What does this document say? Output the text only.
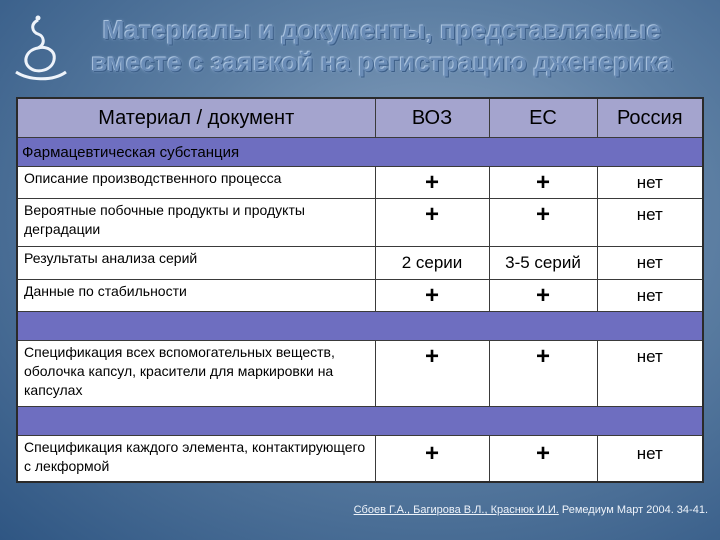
Материалы и документы, представляемые вместе с заявкой на регистрацию дженерика
Материал / документ	ВОЗ	ЕС	Россия
Фармацевтическая субстанция			
Описание производственного процесса	+	+	нет
Вероятные побочные продукты и продукты деградации	+	+	нет
Результаты анализа серий	2 серии	3-5 серий	нет
Данные по стабильности	+	+	нет

Спецификация всех вспомогательных веществ, оболочка капсул, красители для маркировки на капсулах	+	+	нет

Спецификация каждого элемента, контактирующего с лекформой	+	+	нет
Сбоев Г.А., Багирова В.Л., Краснюк И.И. Ремедиум Март 2004. 34-41.
